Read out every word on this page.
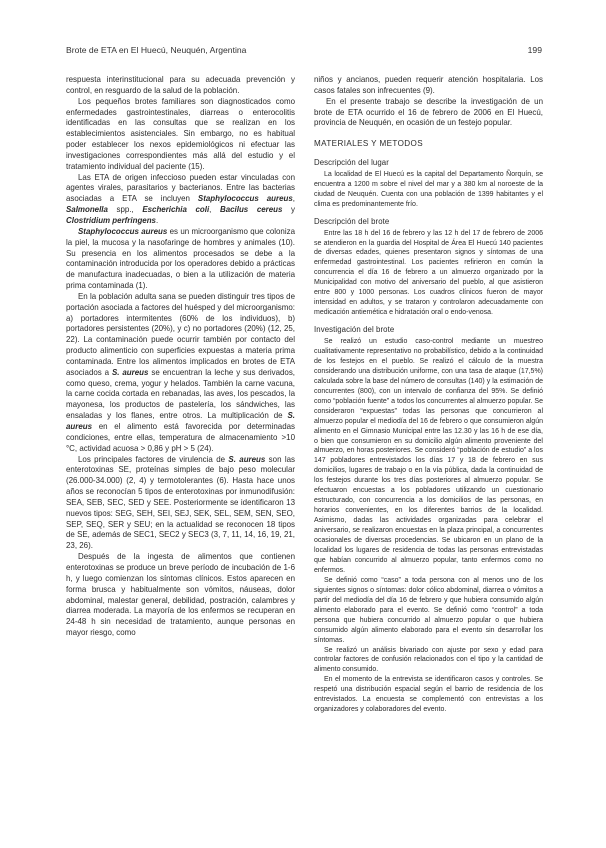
Brote de ETA en El Huecú, Neuquén, Argentina	199

respuesta interinstitucional para su adecuada prevención y control, en resguardo de la salud de la población.

Los pequeños brotes familiares son diagnosticados como enfermedades gastrointestinales, diarreas o enterocolitis identificadas en las consultas que se realizan en los establecimientos asistenciales. Sin embargo, no es habitual poder establecer los nexos epidemiológicos ni efectuar las investigaciones correspondientes más allá del estudio y el tratamiento individual del paciente (15).

Las ETA de origen infeccioso pueden estar vinculadas con agentes virales, parasitarios y bacterianos. Entre las bacterias asociadas a ETA se incluyen Staphylococcus aureus, Salmonella spp., Escherichia coli, Bacilus cereus y Clostridium perfringens.

Staphylococcus aureus es un microorganismo que coloniza la piel, la mucosa y la nasofaringe de hombres y animales (10). Su presencia en los alimentos procesados se debe a la contaminación introducida por los operadores debido a prácticas de manufactura inadecuadas, o bien a la utilización de materia prima contaminada (1).

En la población adulta sana se pueden distinguir tres tipos de portación asociada a factores del huésped y del microorganismo: a) portadores intermitentes (60% de los individuos), b) portadores persistentes (20%), y c) no portadores (20%) (12, 25, 22). La contaminación puede ocurrir también por contacto del producto alimenticio con superficies expuestas a materia prima contaminada. Entre los alimentos implicados en brotes de ETA asociados a S. aureus se encuentran la leche y sus derivados, como queso, crema, yogur y helados. También la carne vacuna, la carne cocida cortada en rebanadas, las aves, los pescados, la mayonesa, los productos de pastelería, los sándwiches, las ensaladas y los flanes, entre otros. La multiplicación de S. aureus en el alimento está favorecida por determinadas condiciones, entre ellas, temperatura de almacenamiento >10 °C, actividad acuosa > 0,86 y pH > 5 (24).

Los principales factores de virulencia de S. aureus son las enterotoxinas SE, proteínas simples de bajo peso molecular (26.000-34.000) (2, 4) y termotolerantes (6). Hasta hace unos años se reconocían 5 tipos de enterotoxinas por inmunodifusión: SEA, SEB, SEC, SED y SEE. Posteriormente se identificaron 13 nuevos tipos: SEG, SEH, SEI, SEJ, SEK, SEL, SEM, SEN, SEO, SEP, SEQ, SER y SEU; en la actualidad se reconocen 18 tipos de SE, además de SEC1, SEC2 y SEC3 (3, 7, 11, 14, 16, 19, 21, 23, 26).

Después de la ingesta de alimentos que contienen enterotoxinas se produce un breve período de incubación de 1-6 h, y luego comienzan los síntomas clínicos. Estos aparecen en forma brusca y habitualmente son vómitos, náuseas, dolor abdominal, malestar general, debilidad, postración, calambres y diarrea moderada. La mayoría de los enfermos se recuperan en 24-48 h sin necesidad de tratamiento, aunque personas en mayor riesgo, como

niños y ancianos, pueden requerir atención hospitalaria. Los casos fatales son infrecuentes (9).

En el presente trabajo se describe la investigación de un brote de ETA ocurrido el 16 de febrero de 2006 en El Huecú, provincia de Neuquén, en ocasión de un festejo popular.

MATERIALES Y METODOS
Descripción del lugar

La localidad de El Huecú es la capital del Departamento Ñorquín, se encuentra a 1200 m sobre el nivel del mar y a 380 km al noroeste de la ciudad de Neuquén. Cuenta con una población de 1399 habitantes y el clima es predominantemente frío.

Descripción del brote

Entre las 18 h del 16 de febrero y las 12 h del 17 de febrero de 2006 se atendieron en la guardia del Hospital de Área El Huecú 140 pacientes de diversas edades, quienes presentaron signos y síntomas de una enfermedad gastrointestinal. Los pacientes refirieron en común la concurrencia el día 16 de febrero a un almuerzo organizado por la Municipalidad con motivo del aniversario del pueblo, al que asistieron entre 800 y 1000 personas. Los cuadros clínicos fueron de mayor intensidad en adultos, y se trataron y controlaron adecuadamente con medicación antiemética e hidratación oral o endo-venosa.

Investigación del brote

Se realizó un estudio caso-control mediante un muestreo cualitativamente representativo no probabilístico, debido a la continuidad de los festejos en el pueblo. Se realizó el cálculo de la muestra considerando una distribución uniforme, con una tasa de ataque (17,5%) calculada sobre la base del número de consultas (140) y la estimación de concurrentes (800), con un intervalo de confianza del 95%. Se definió como “población fuente” a todos los concurrentes al almuerzo popular. Se consideraron “expuestas” todas las personas que concurrieron al almuerzo popular el mediodía del 16 de febrero o que consumieron algún alimento en el Gimnasio Municipal entre las 12.30 y las 16 h de ese día, o bien que consumieron en su domicilio algún alimento proveniente del almuerzo, en horas posteriores. Se consideró “población de estudio” a los 147 pobladores entrevistados los días 17 y 18 de febrero en sus domicilios, lugares de trabajo o en la vía pública, dada la continuidad de los festejos durante los tres días posteriores al almuerzo popular. Se efectuaron encuestas a los pobladores utilizando un cuestionario estructurado, con concurrencia a los domicilios de las personas, en horarios convenientes, en los diferentes barrios de la localidad. Asimismo, dadas las actividades organizadas para celebrar el aniversario, se realizaron encuestas en la plaza principal, a concurrentes ocasionales de diversas procedencias. Se ubicaron en un plano de la localidad los lugares de residencia de todas las personas entrevistadas que habían concurrido al almuerzo popular, tanto enfermos como no enfermos.

Se definió como “caso” a toda persona con al menos uno de los siguientes signos o síntomas: dolor cólico abdominal, diarrea o vómitos a partir del mediodía del día 16 de febrero y que hubiera consumido algún alimento elaborado para el evento. Se definió como “control” a toda persona que hubiera concurrido al almuerzo popular o que hubiera consumido algún alimento elaborado para el evento sin desarrollar los síntomas.

Se realizó un análisis bivariado con ajuste por sexo y edad para controlar factores de confusión relacionados con el tipo y la cantidad de alimento consumido.

En el momento de la entrevista se identificaron casos y controles. Se respetó una distribución espacial según el barrio de residencia de los entrevistados. La encuesta se complementó con entrevistas a los organizadores y colaboradores del evento.
